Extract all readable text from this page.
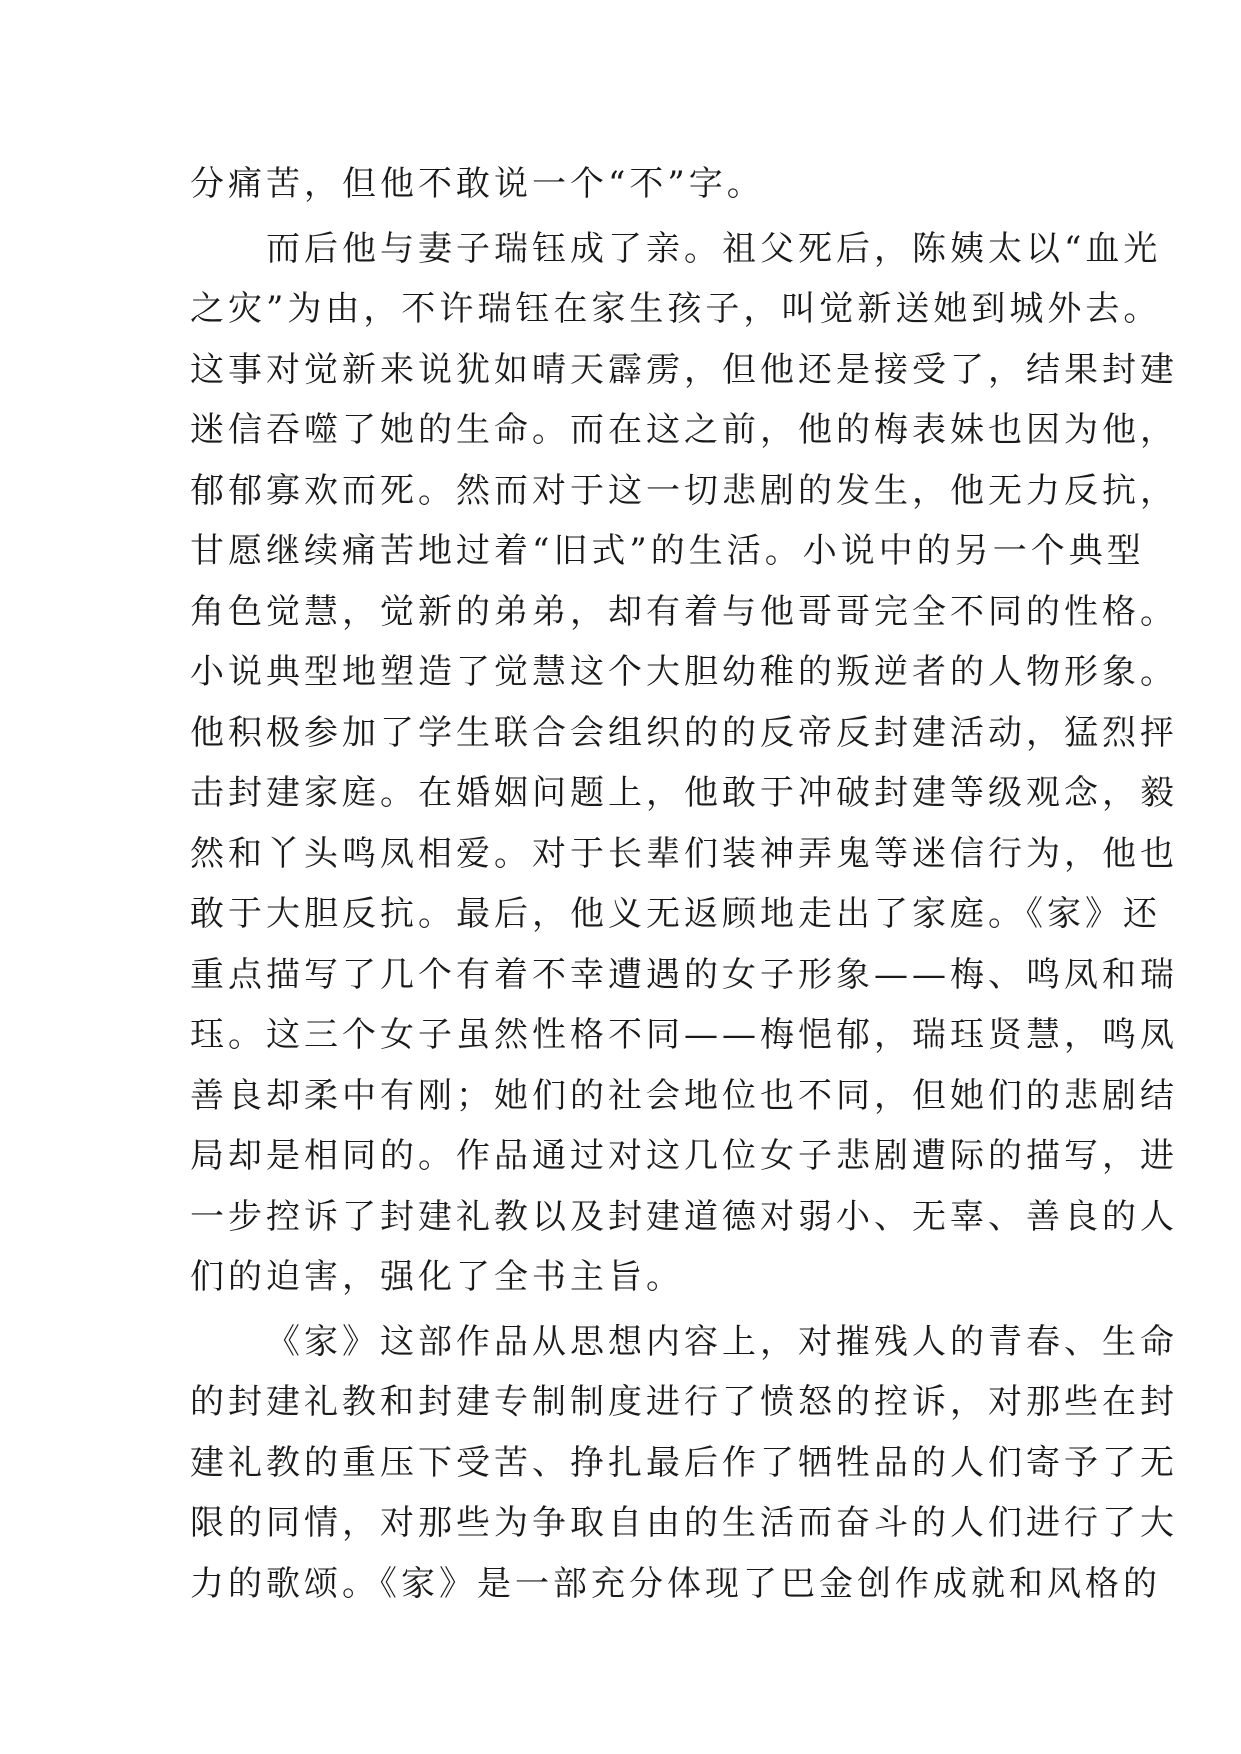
分痛苦，但他不敢说一个“不”字。
而后他与妻子瑞钰成了亲。祖父死后，陈姨太以“血光
之灾”为由，不许瑞钰在家生孩子，叫觉新送她到城外去。
这事对觉新来说犹如晴天霹雳，但他还是接受了，结果封建
迷信吞噬了她的生命。而在这之前，他的梅表妹也因为他，
郁郁寡欢而死。然而对于这一切悲剧的发生，他无力反抗，
甘愿继续痛苦地过着“旧式”的生活。小说中的另一个典型
角色觉慧，觉新的弟弟，却有着与他哥哥完全不同的性格。
小说典型地塑造了觉慧这个大胆幼稚的叛逆者的人物形象。
他积极参加了学生联合会组织的的反帝反封建活动，猛烈抨
击封建家庭。在婚姻问题上，他敢于冲破封建等级观念，毅
然和丫头鸣凤相爱。对于长辈们装神弄鬼等迷信行为，他也
敢于大胆反抗。最后，他义无返顾地走出了家庭。《家》还
重点描写了几个有着不幸遭遇的女子形象——梅、鸣凤和瑞
珏。这三个女子虽然性格不同——梅悒郁，瑞珏贤慧，鸣凤
善良却柔中有刚；她们的社会地位也不同，但她们的悲剧结
局却是相同的。作品通过对这几位女子悲剧遭际的描写，进
一步控诉了封建礼教以及封建道德对弱小、无辜、善良的人
们的迫害，强化了全书主旨。
《家》这部作品从思想内容上，对摧残人的青春、生命
的封建礼教和封建专制制度进行了愤怒的控诉，对那些在封
建礼教的重压下受苦、挣扎最后作了牺牲品的人们寄予了无
限的同情，对那些为争取自由的生活而奋斗的人们进行了大
力的歌颂。《家》是一部充分体现了巴金创作成就和风格的
